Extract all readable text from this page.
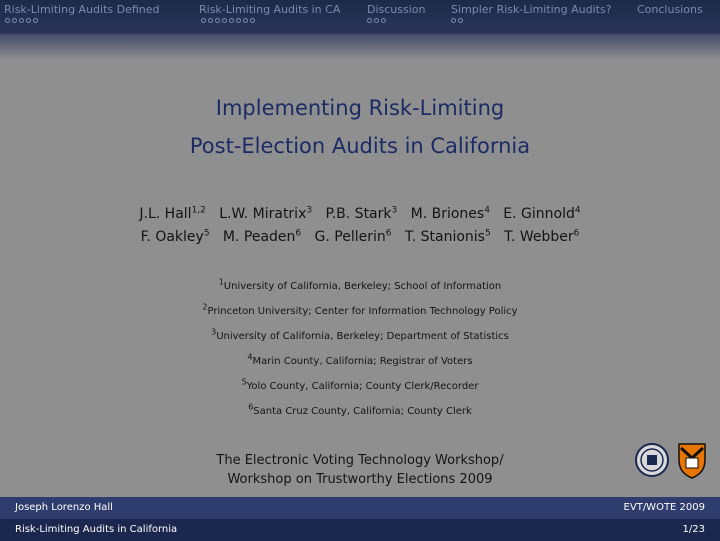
Risk-Limiting Audits Defined	Risk-Limiting Audits in CA Discussion Simpler Risk-Limiting Audits? Conclusions
Implementing Risk-Limiting
Post-Election Audits in California
J.L. Hall$^{1,2}$ L.W. Miratrix$^3$ P.B. Stark$^3$ M. Briones$^4$ E. Ginnold$^4$
F. Oakley$^5$ M. Peaden$^6$ G. Pellerin$^6$ T. Stanionis$^5$ T. Webber$^6$
$^1$University of California, Berkeley; School of Information
$^2$Princeton University; Center for Information Technology Policy
$^3$University of California, Berkeley; Department of Statistics
$^4$Marin County, California; Registrar of Voters
$^5$Yolo County, California; County Clerk/Recorder
$^6$Santa Cruz County, California; County Clerk
The Electronic Voting Technology Workshop/
Workshop on Trustworthy Elections 2009
Joseph Lorenzo Hall	EVT/WOTE 2009
Risk-Limiting Audits in California	1/23
